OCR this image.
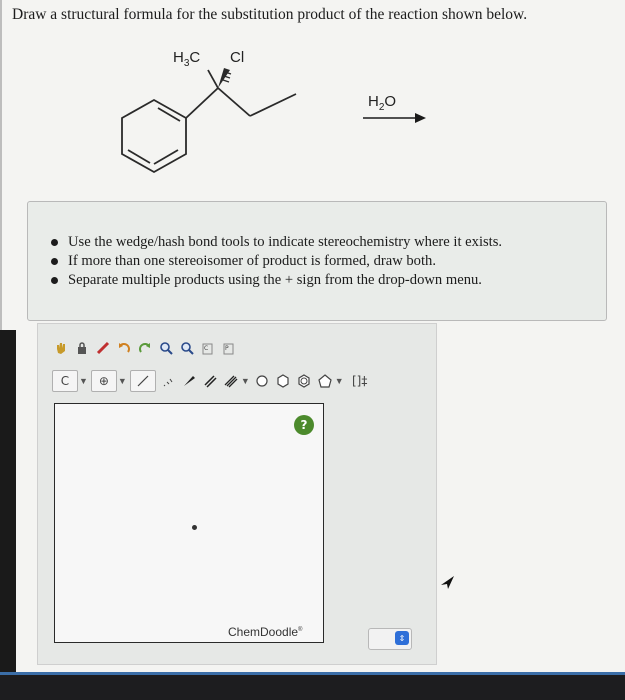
Draw a structural formula for the substitution product of the reaction shown below.
$H_3C$ Cl
$H_2O$
Use the wedge/hash bond tools to indicate stereochemistry where it exists.
If more than one stereoisomer of product is formed, draw both.
Separate multiple products using the + sign from the drop-down menu.
C	P
C ▼ ⊕ ▼	▼	▼ []‡
?
ChemDoodle®
⇕
